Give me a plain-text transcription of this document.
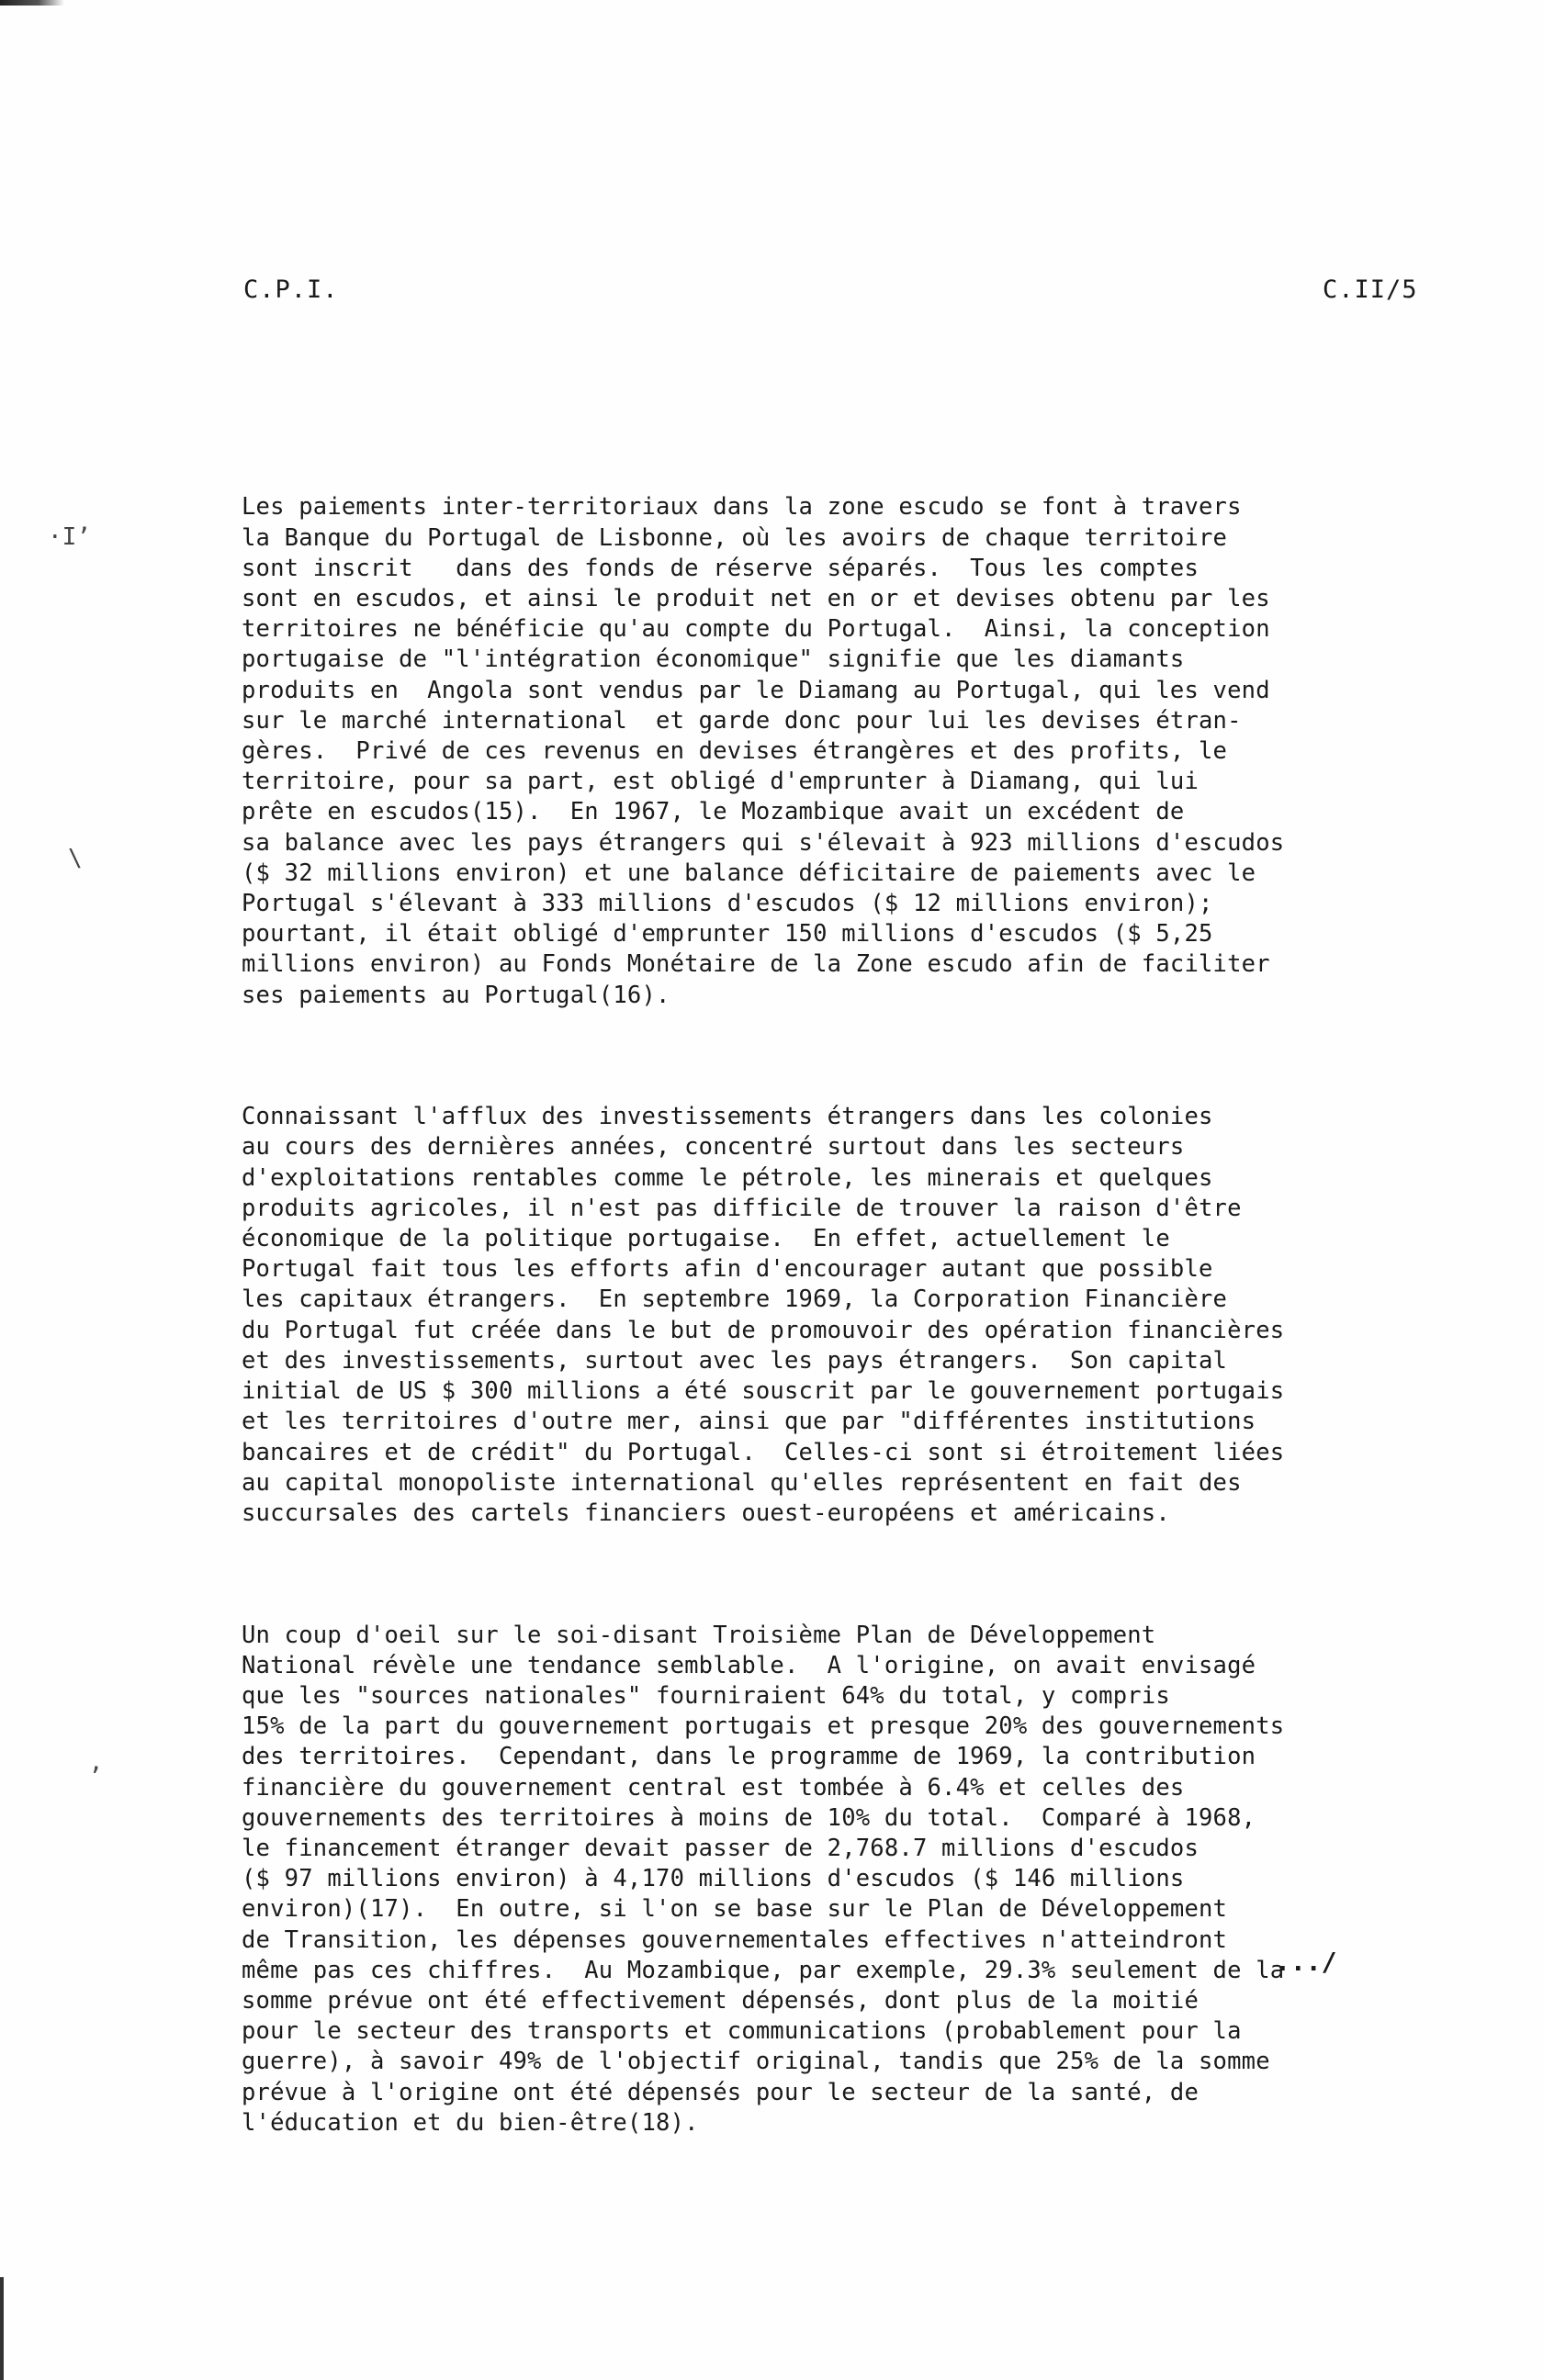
C.P.I.	C.II/5
·Iʼ
\
ʼ

Les paiements inter-territoriaux dans la zone escudo se font à travers
la Banque du Portugal de Lisbonne, où les avoirs de chaque territoire
sont inscrit   dans des fonds de réserve séparés.  Tous les comptes
sont en escudos, et ainsi le produit net en or et devises obtenu par les
territoires ne bénéficie qu'au compte du Portugal.  Ainsi, la conception
portugaise de "l'intégration économique" signifie que les diamants
produits en  Angola sont vendus par le Diamang au Portugal, qui les vend
sur le marché international  et garde donc pour lui les devises étran-
gères.  Privé de ces revenus en devises étrangères et des profits, le
territoire, pour sa part, est obligé d'emprunter à Diamang, qui lui
prête en escudos(15).  En 1967, le Mozambique avait un excédent de
sa balance avec les pays étrangers qui s'élevait à 923 millions d'escudos
($ 32 millions environ) et une balance déficitaire de paiements avec le
Portugal s'élevant à 333 millions d'escudos ($ 12 millions environ);
pourtant, il était obligé d'emprunter 150 millions d'escudos ($ 5,25
millions environ) au Fonds Monétaire de la Zone escudo afin de faciliter
ses paiements au Portugal(16).

Connaissant l'afflux des investissements étrangers dans les colonies
au cours des dernières années, concentré surtout dans les secteurs
d'exploitations rentables comme le pétrole, les minerais et quelques
produits agricoles, il n'est pas difficile de trouver la raison d'être
économique de la politique portugaise.  En effet, actuellement le
Portugal fait tous les efforts afin d'encourager autant que possible
les capitaux étrangers.  En septembre 1969, la Corporation Financière
du Portugal fut créée dans le but de promouvoir des opération financières
et des investissements, surtout avec les pays étrangers.  Son capital
initial de US $ 300 millions a été souscrit par le gouvernement portugais
et les territoires d'outre mer, ainsi que par "différentes institutions
bancaires et de crédit" du Portugal.  Celles-ci sont si étroitement liées
au capital monopoliste international qu'elles représentent en fait des
succursales des cartels financiers ouest-européens et américains.

Un coup d'oeil sur le soi-disant Troisième Plan de Développement
National révèle une tendance semblable.  A l'origine, on avait envisagé
que les "sources nationales" fourniraient 64% du total, y compris
15% de la part du gouvernement portugais et presque 20% des gouvernements
des territoires.  Cependant, dans le programme de 1969, la contribution
financière du gouvernement central est tombée à 6.4% et celles des
gouvernements des territoires à moins de 10% du total.  Comparé à 1968,
le financement étranger devait passer de 2,768.7 millions d'escudos
($ 97 millions environ) à 4,170 millions d'escudos ($ 146 millions
environ)(17).  En outre, si l'on se base sur le Plan de Développement
de Transition, les dépenses gouvernementales effectives n'atteindront
même pas ces chiffres.  Au Mozambique, par exemple, 29.3% seulement de la
somme prévue ont été effectivement dépensés, dont plus de la moitié
pour le secteur des transports et communications (probablement pour la
guerre), à savoir 49% de l'objectif original, tandis que 25% de la somme
prévue à l'origine ont été dépensés pour le secteur de la santé, de
l'éducation et du bien-être(18).

.../
